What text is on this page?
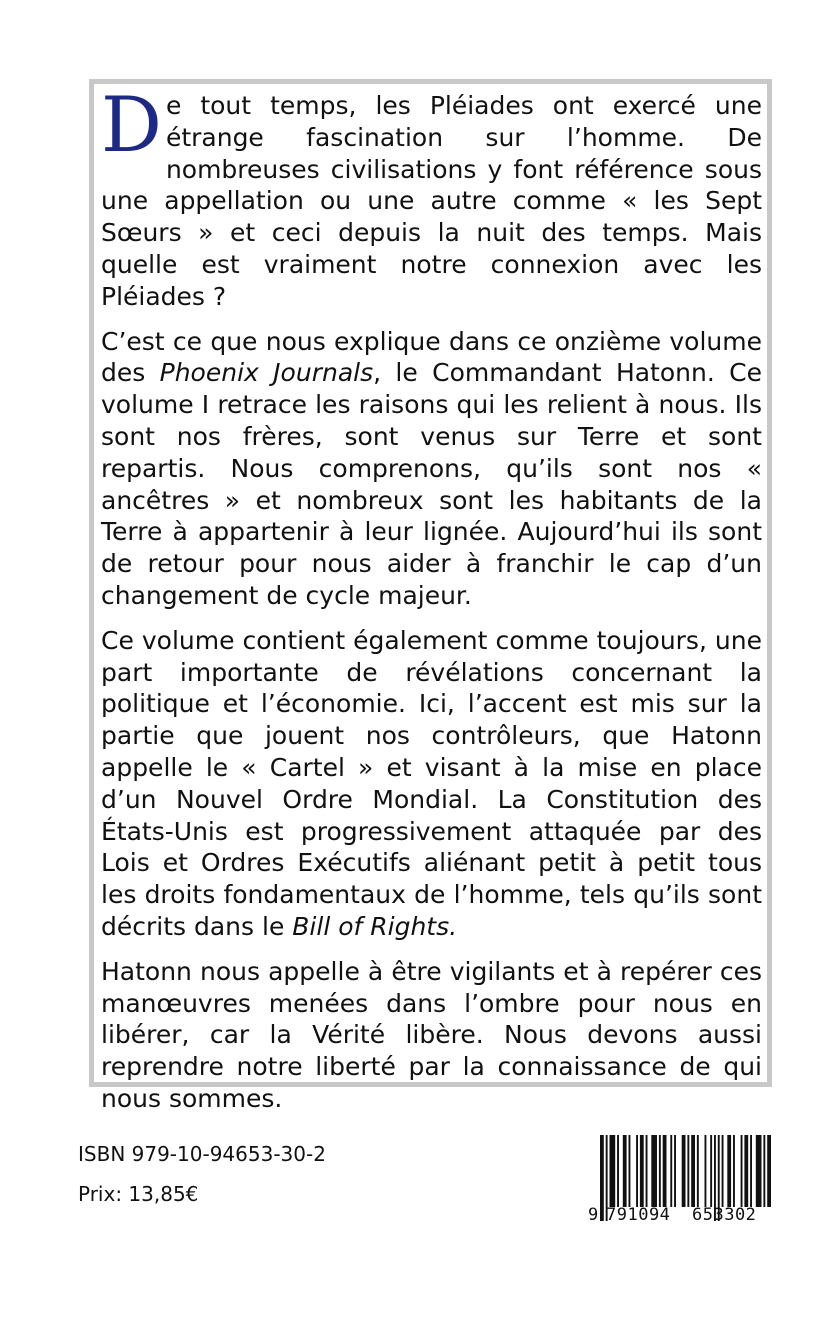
De tout temps, les Pléiades ont exercé une étrange fascination sur l’homme. De nombreuses civilisations y font référence sous une appellation ou une autre comme « les Sept Sœurs » et ceci depuis la nuit des temps. Mais quelle est vraiment notre connexion avec les Pléiades ?

C’est ce que nous explique dans ce onzième volume des Phoenix Journals, le Commandant Hatonn. Ce volume I retrace les raisons qui les relient à nous. Ils sont nos frères, sont venus sur Terre et sont repartis. Nous comprenons, qu’ils sont nos « ancêtres » et nombreux sont les habitants de la Terre à appartenir à leur lignée. Aujourd’hui ils sont de retour pour nous aider à franchir le cap d’un changement de cycle majeur.

Ce volume contient également comme toujours, une part importante de révélations concernant la politique et l’économie. Ici, l’accent est mis sur la partie que jouent nos contrôleurs, que Hatonn appelle le « Cartel » et visant à la mise en place d’un Nouvel Ordre Mondial. La Constitution des États-Unis est progressivement attaquée par des Lois et Ordres Exécutifs aliénant petit à petit tous les droits fondamentaux de l’homme, tels qu’ils sont décrits dans le Bill of Rights.

Hatonn nous appelle à être vigilants et à repérer ces manœuvres menées dans l’ombre pour nous en libérer, car la Vérité libère. Nous devons aussi reprendre notre liberté par la connaissance de qui nous sommes.

ISBN 979-10-94653-30-2
Prix: 13,85€
9 791094 653302
